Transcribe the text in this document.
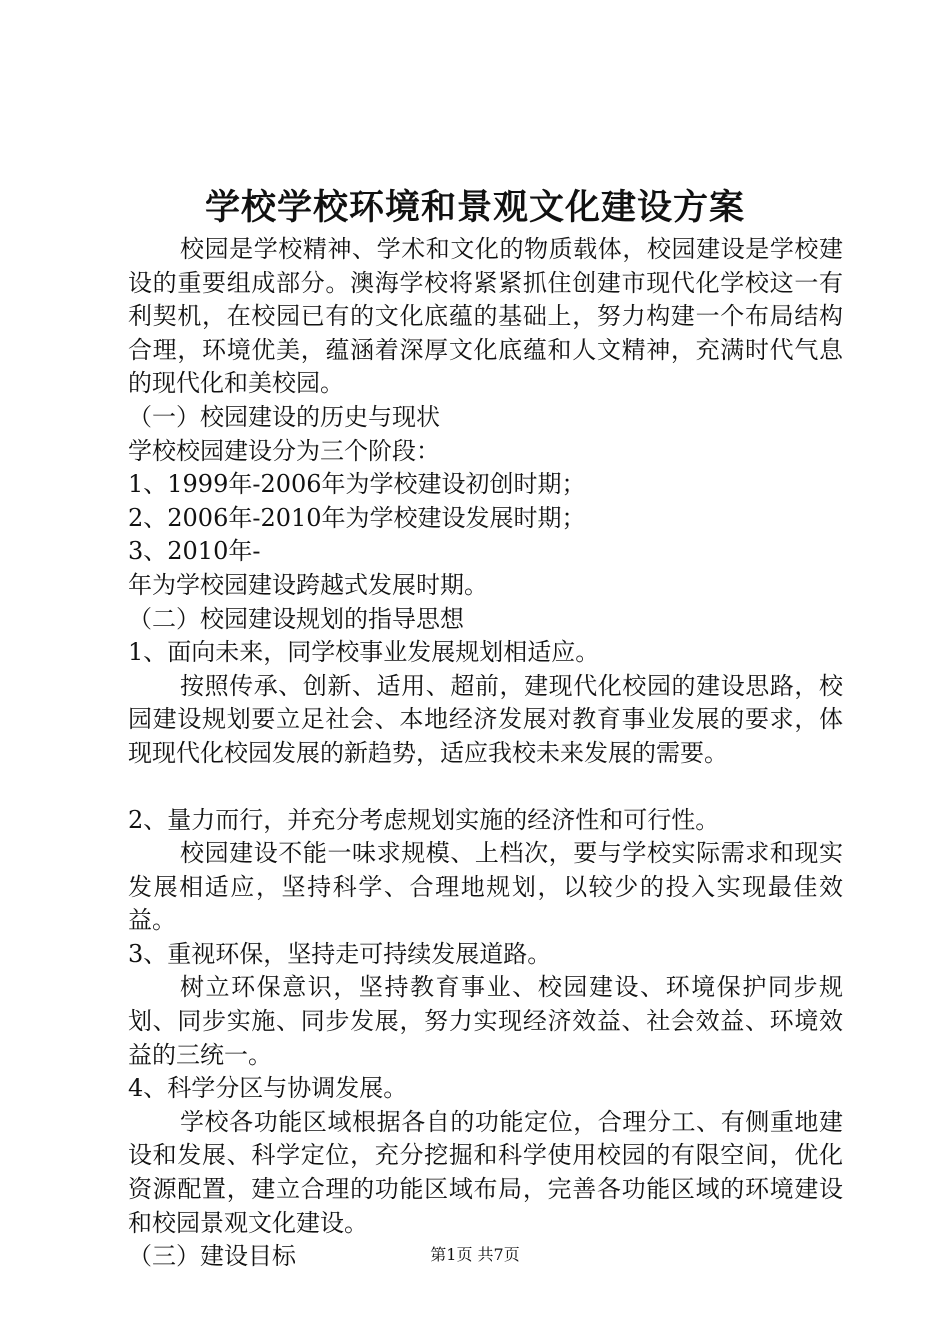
学校学校环境和景观文化建设方案

校园是学校精神、学术和文化的物质载体，校园建设是学校建设的重要组成部分。澳海学校将紧紧抓住创建市现代化学校这一有利契机，在校园已有的文化底蕴的基础上，努力构建一个布局结构合理，环境优美，蕴涵着深厚文化底蕴和人文精神，充满时代气息的现代化和美校园。

（一）校园建设的历史与现状

学校校园建设分为三个阶段：

1、1999年-2006年为学校建设初创时期；

2、2006年-2010年为学校建设发展时期；

3、2010年-

年为学校园建设跨越式发展时期。

（二）校园建设规划的指导思想

1、面向未来，同学校事业发展规划相适应。

按照传承、创新、适用、超前，建现代化校园的建设思路，校园建设规划要立足社会、本地经济发展对教育事业发展的要求，体现现代化校园发展的新趋势，适应我校未来发展的需要。

2、量力而行，并充分考虑规划实施的经济性和可行性。

校园建设不能一味求规模、上档次，要与学校实际需求和现实发展相适应，坚持科学、合理地规划，以较少的投入实现最佳效益。

3、重视环保，坚持走可持续发展道路。

树立环保意识，坚持教育事业、校园建设、环境保护同步规划、同步实施、同步发展，努力实现经济效益、社会效益、环境效益的三统一。

4、科学分区与协调发展。

学校各功能区域根据各自的功能定位，合理分工、有侧重地建设和发展、科学定位，充分挖掘和科学使用校园的有限空间，优化资源配置，建立合理的功能区域布局，完善各功能区域的环境建设和校园景观文化建设。

（三）建设目标	第1页 共7页
